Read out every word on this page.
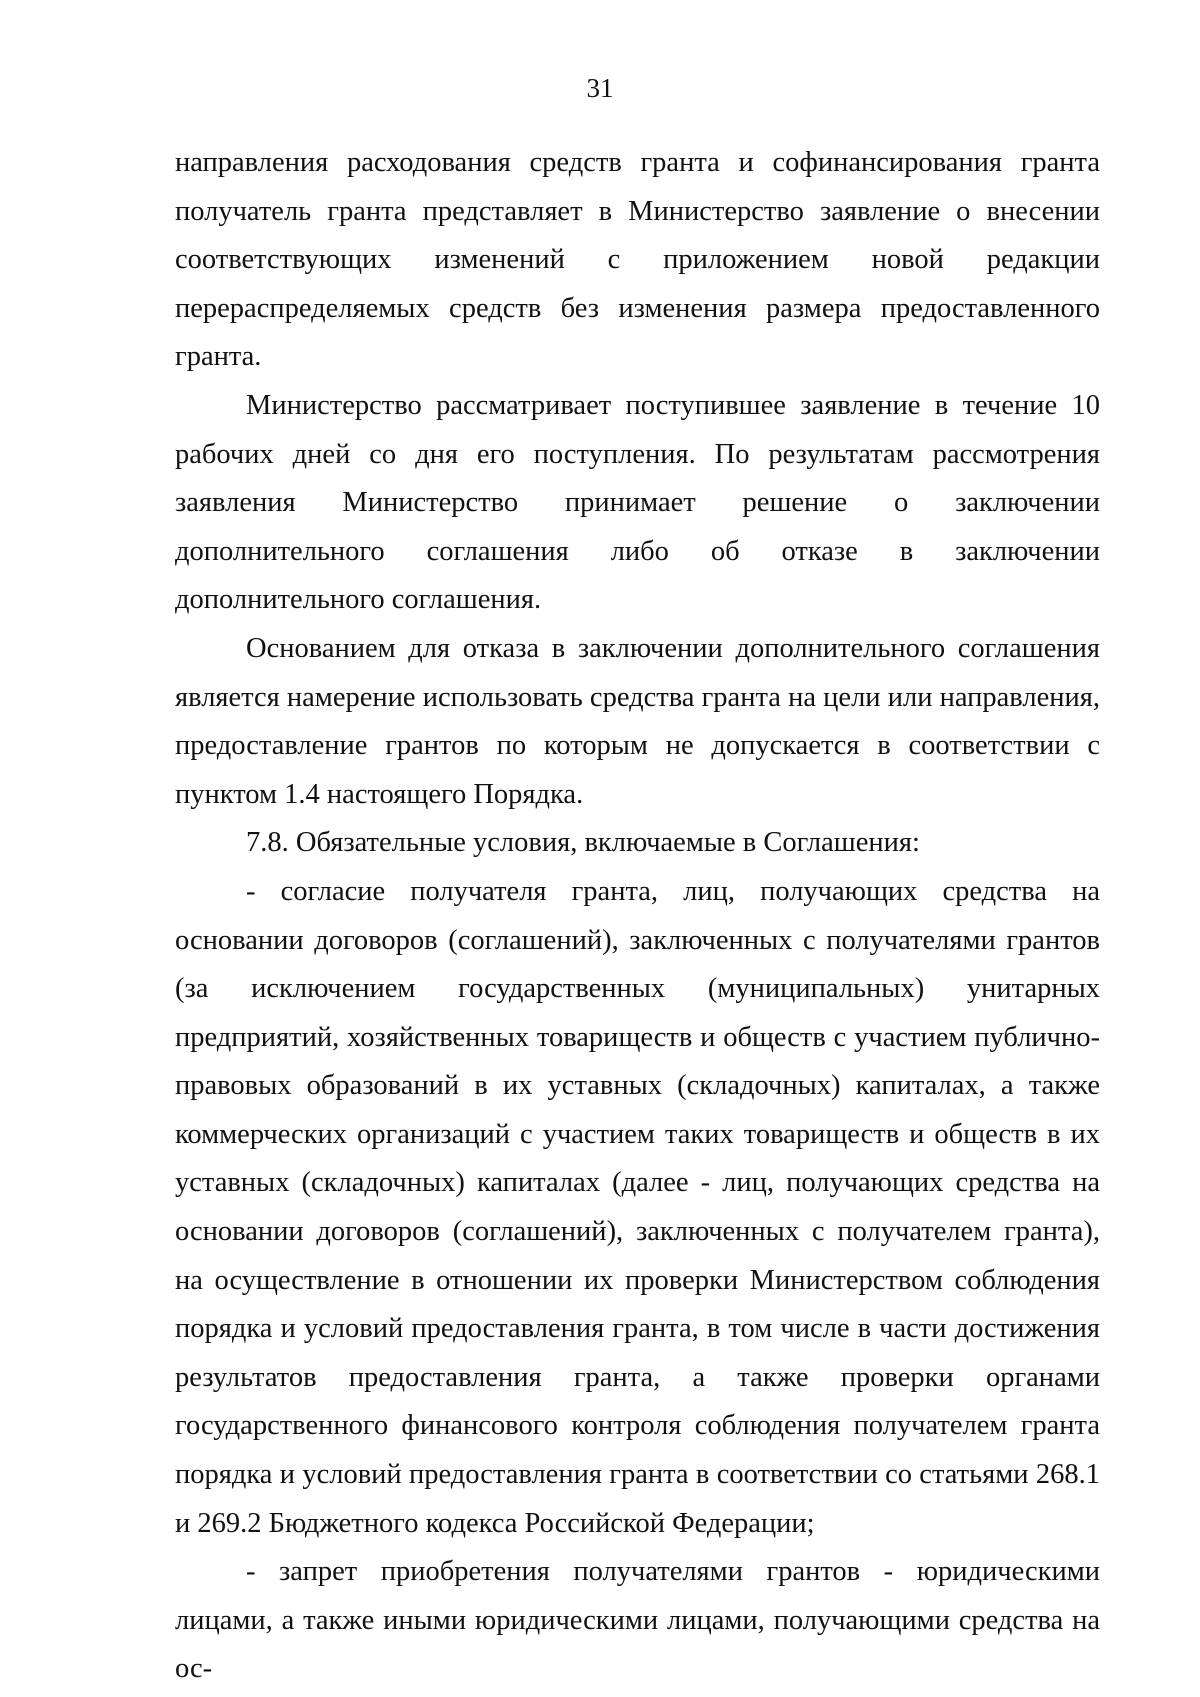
31

направления расходования средств гранта и софинансирования гранта получатель гранта представляет в Министерство заявление о внесении соответствующих изменений с приложением новой редакции перераспределяемых средств без изменения размера предоставленного гранта.

Министерство рассматривает поступившее заявление в течение 10 рабочих дней со дня его поступления. По результатам рассмотрения заявления Министерство принимает решение о заключении дополнительного соглашения либо об отказе в заключении дополнительного соглашения.

Основанием для отказа в заключении дополнительного соглашения является намерение использовать средства гранта на цели или направления, предоставление грантов по которым не допускается в соответствии с пунктом 1.4 настоящего Порядка.

7.8. Обязательные условия, включаемые в Соглашения:

- согласие получателя гранта, лиц, получающих средства на основании договоров (соглашений), заключенных с получателями грантов (за исключением государственных (муниципальных) унитарных предприятий, хозяйственных товариществ и обществ с участием публично-правовых образований в их уставных (складочных) капиталах, а также коммерческих организаций с участием таких товариществ и обществ в их уставных (складочных) капиталах (далее - лиц, получающих средства на основании договоров (соглашений), заключенных с получателем гранта), на осуществление в отношении их проверки Министерством соблюдения порядка и условий предоставления гранта, в том числе в части достижения результатов предоставления гранта, а также проверки органами государственного финансового контроля соблюдения получателем гранта порядка и условий предоставления гранта в соответствии со статьями 268.1 и 269.2 Бюджетного кодекса Российской Федерации;

- запрет приобретения получателями грантов - юридическими лицами, а также иными юридическими лицами, получающими средства на ос-
